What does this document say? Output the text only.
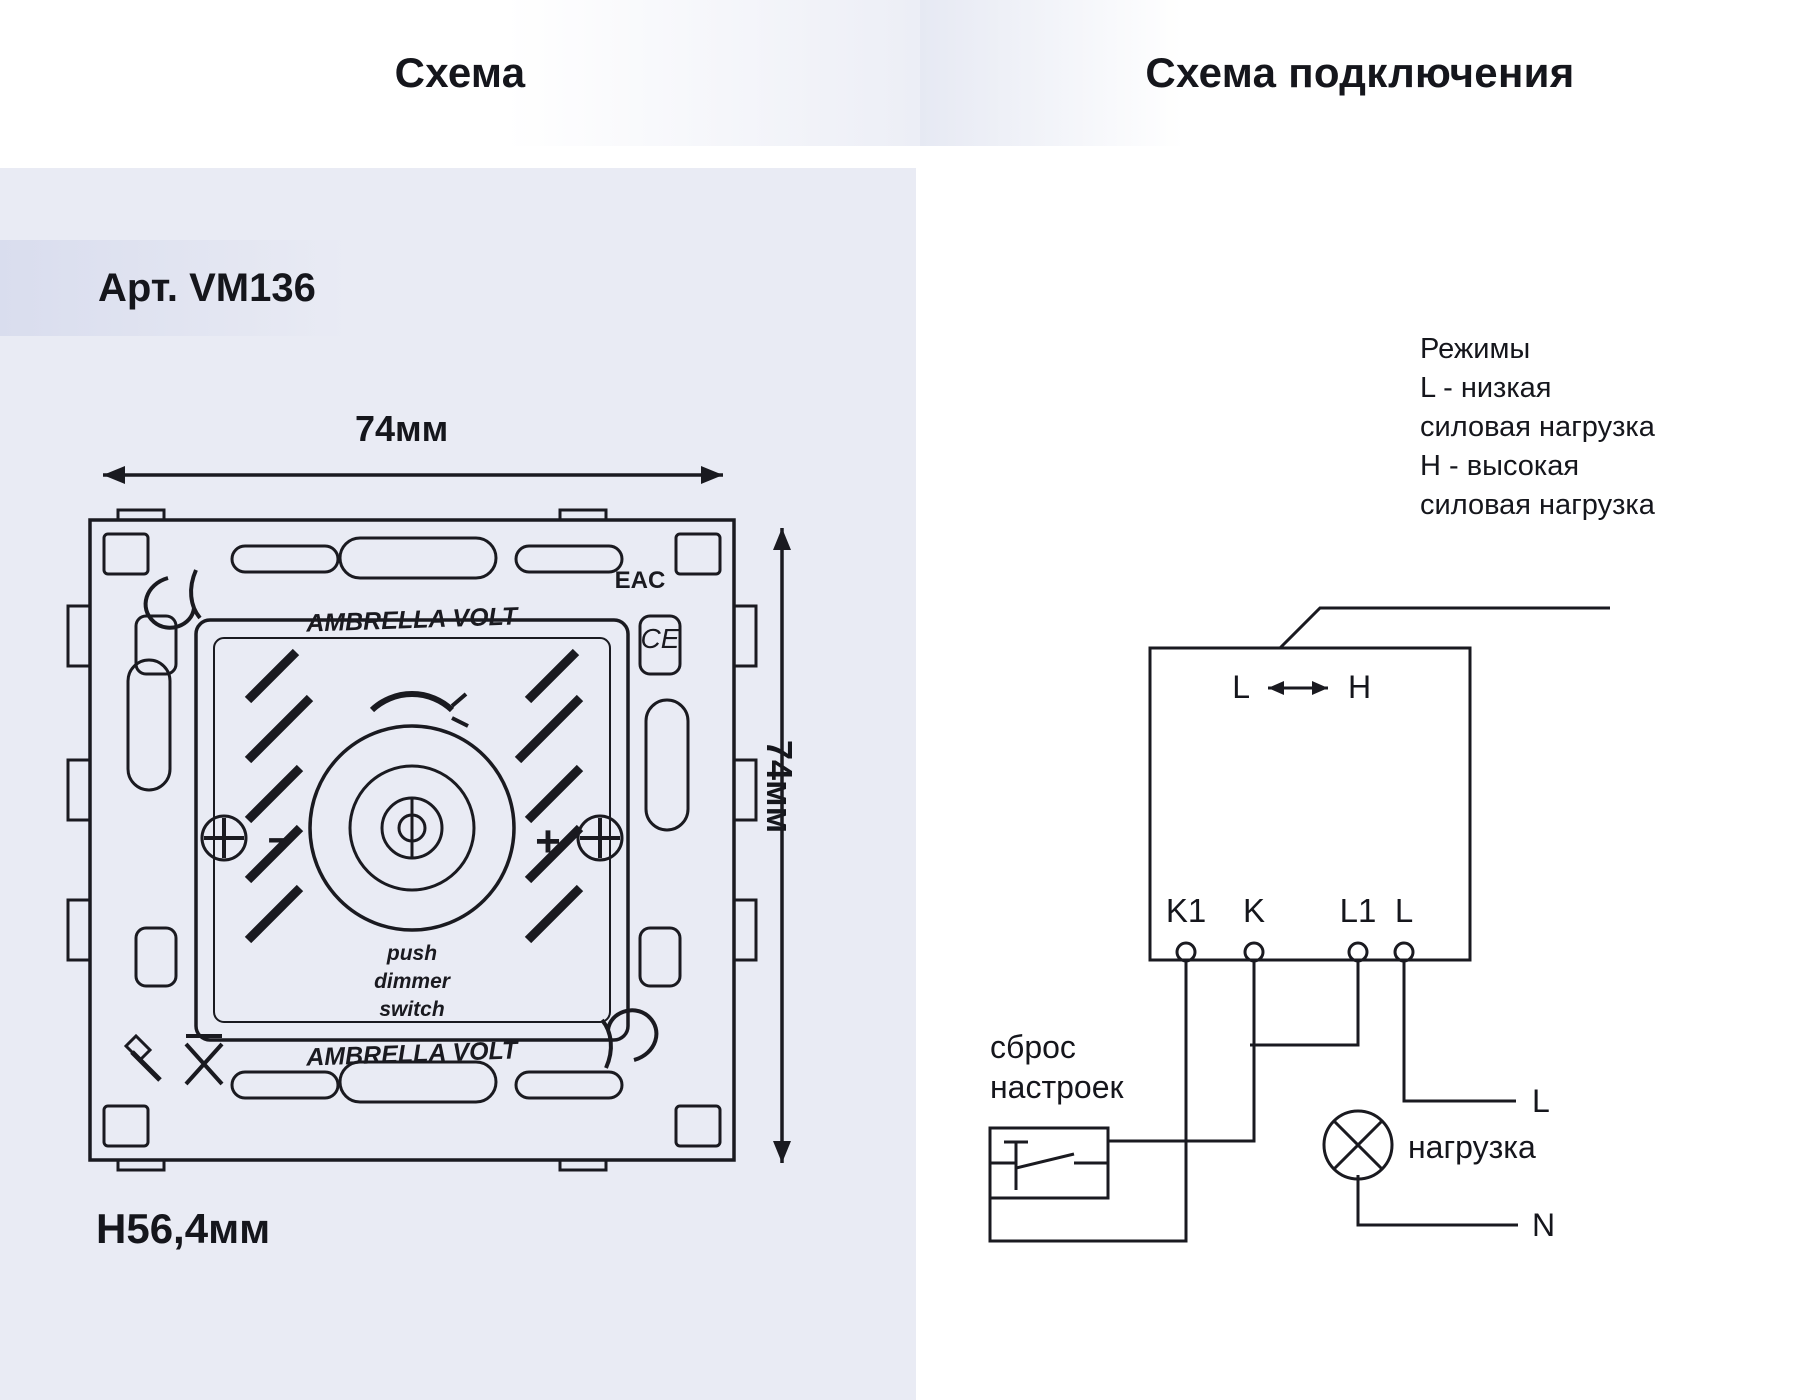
Схема	Схема подключения
Арт. VM136
74мм
74мм
H56,4мм
AMBRELLA VOLT
AMBRELLA VOLT
–	+
push
dimmer
switch
EAC
CE
Режимы
L - низкая
силовая нагрузка
H - высокая
силовая нагрузка
L	H
K1 K L1 L
сброс
настроек
нагрузка
L
N
